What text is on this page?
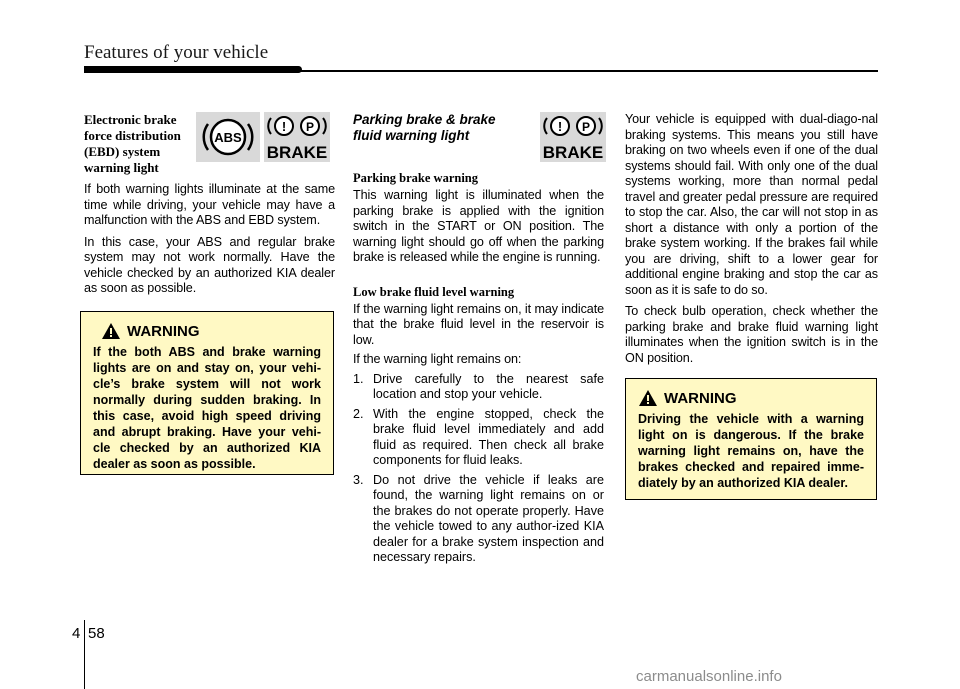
Features of your vehicle
Electronic brake
force distribution
(EBD) system
warning light

If both warning lights illuminate at the same time while driving, your vehicle may have a malfunction with the ABS and EBD system.

In this case, your ABS and regular brake system may not work normally. Have the vehicle checked by an authorized KIA dealer as soon as possible.

ABS
! P
BRAKE
WARNING
If the both ABS and brake warning lights are on and stay on, your vehi-cle’s brake system will not work normally during sudden braking. In this case, avoid high speed driving and abrupt braking. Have your vehi-cle checked by an authorized KIA dealer as soon as possible.
Parking brake & brake
fluid warning light
Parking brake warning

This warning light is illuminated when the parking brake is applied with the ignition switch in the START or ON position. The warning light should go off when the parking brake is released while the engine is running.

Low brake fluid level warning

If the warning light remains on, it may indicate that the brake fluid level in the reservoir is low.

If the warning light remains on:

1. Drive carefully to the nearest safe location and stop your vehicle.
2. With the engine stopped, check the brake fluid level immediately and add fluid as required. Then check all brake components for fluid leaks.
3. Do not drive the vehicle if leaks are found, the warning light remains on or the brakes do not operate properly. Have the vehicle towed to any author-ized KIA dealer for a brake system inspection and necessary repairs.
! P
BRAKE

Your vehicle is equipped with dual-diago-nal braking systems. This means you still have braking on two wheels even if one of the dual systems should fail. With only one of the dual systems working, more than normal pedal travel and greater pedal pressure are required to stop the car. Also, the car will not stop in as short a distance with only a portion of the brake system working. If the brakes fail while you are driving, shift to a lower gear for additional engine braking and stop the car as soon as it is safe to do so.

To check bulb operation, check whether the parking brake and brake fluid warning light illuminates when the ignition switch is in the ON position.

WARNING
Driving the vehicle with a warning light on is dangerous. If the brake warning light remains on, have the brakes checked and repaired imme-diately by an authorized KIA dealer.
4 58
carmanualsonline.info
